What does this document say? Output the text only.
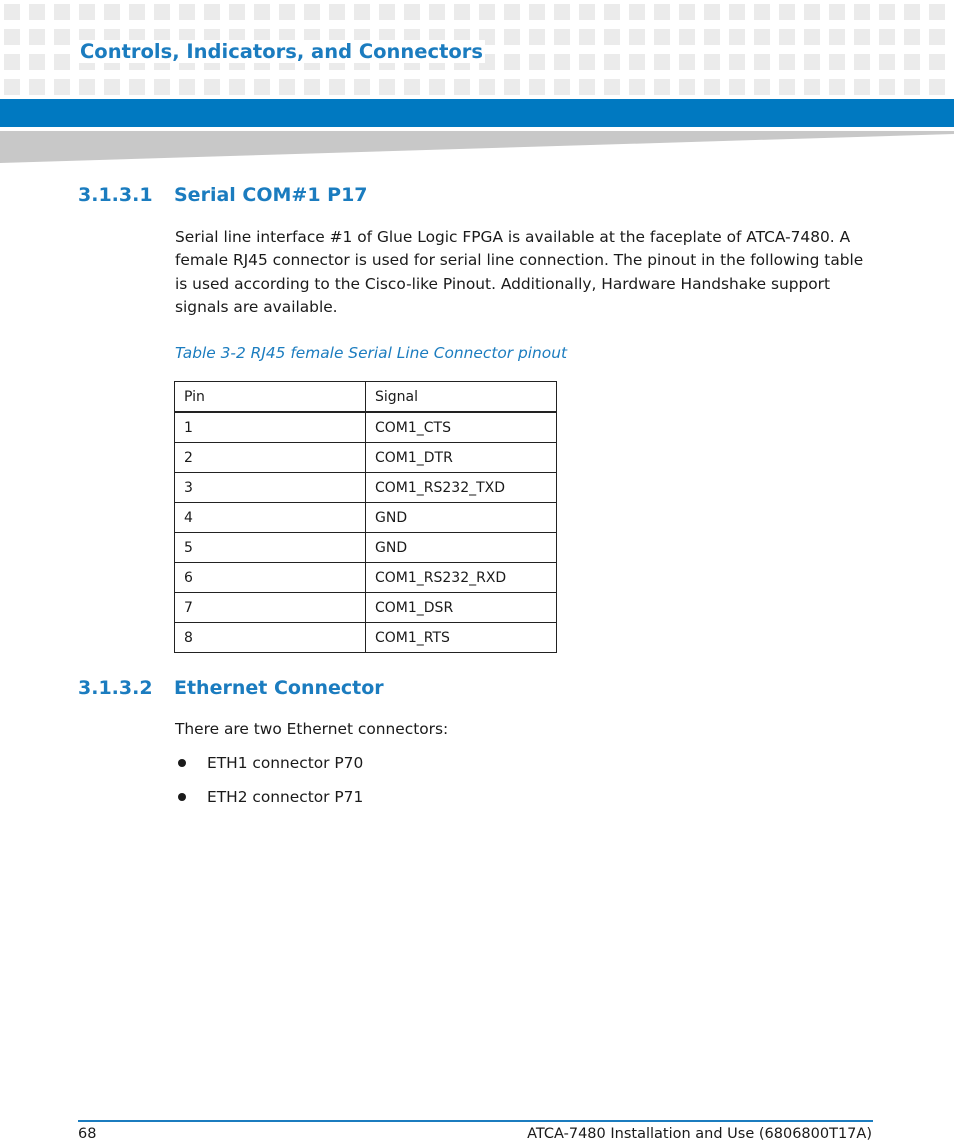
Controls, Indicators, and Connectors
3.1.3.1 Serial COM#1 P17
Serial line interface #1 of Glue Logic FPGA is available at the faceplate of ATCA-7480. A female RJ45 connector is used for serial line connection. The pinout in the following table is used according to the Cisco-like Pinout. Additionally, Hardware Handshake support signals are available.
Table 3-2 RJ45 female Serial Line Connector pinout
Pin	Signal
1	COM1_CTS
2	COM1_DTR
3	COM1_RS232_TXD
4	GND
5	GND
6	COM1_RS232_RXD
7	COM1_DSR
8	COM1_RTS
3.1.3.2 Ethernet Connector
There are two Ethernet connectors:
ETH1 connector P70
ETH2 connector P71
68	ATCA-7480 Installation and Use (6806800T17A)
